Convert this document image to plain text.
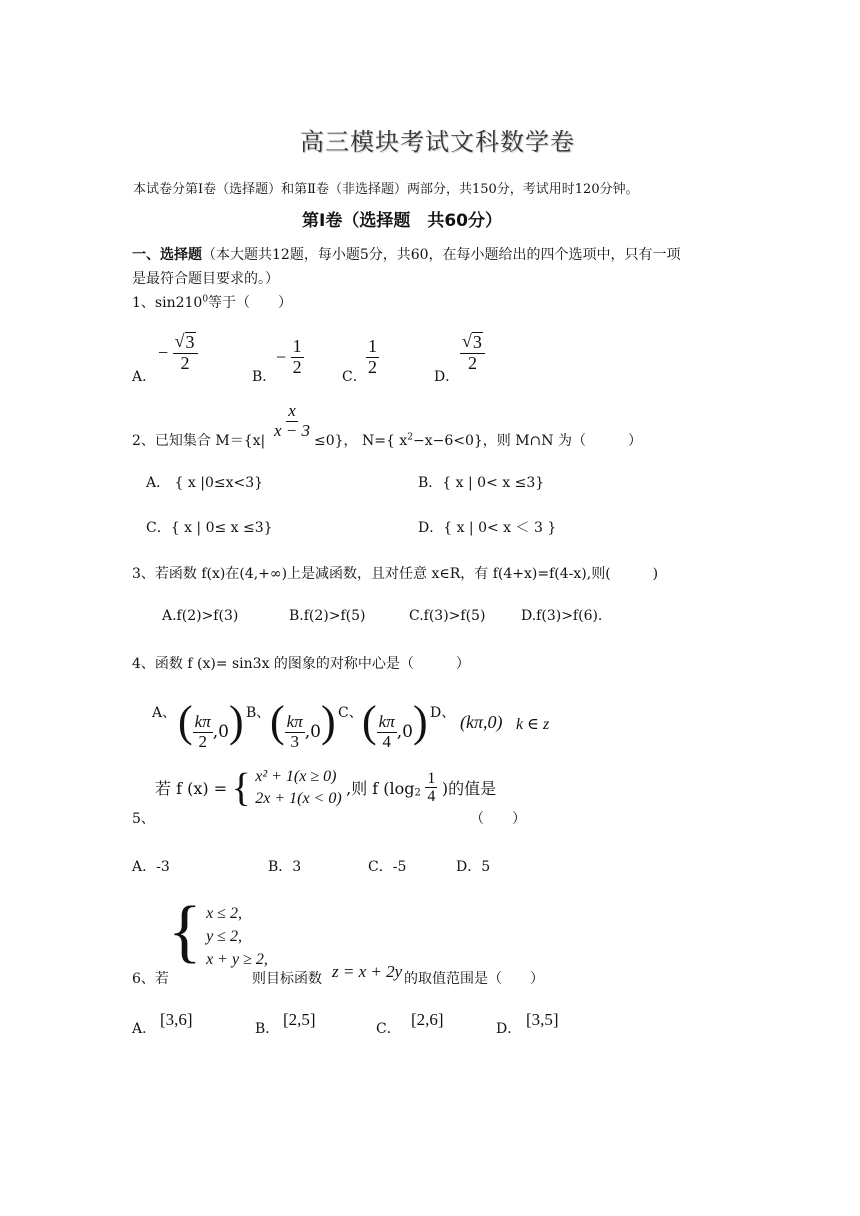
高三模块考试文科数学卷
本试卷分第Ⅰ卷（选择题）和第Ⅱ卷（非选择题）两部分，共150分，考试用时120分钟。
第Ⅰ卷（选择题　共60分）
一、选择题（本大题共12题，每小题5分，共60，在每小题给出的四个选项中，只有一项
是最符合题目要求的。）
1、$\sin 210^0$等于（　　）
A．
− $\frac{√ 3}{2}$
B．
− $\frac{1}{2}$	C． $\frac{1}{2}$	D．
$\frac{√ 3}{2}$
2、已知集合 M＝{x|
$\frac{x}{x - 3}$
≤0}， N={ $x^2-x-6<0$}，则 M∩N 为（　　　）
A． { x |0≤x<3}	B．{ x | 0< x ≤3}
C．{ x | 0≤ x ≤3}	D．{ x | 0< x ＜ 3 }
3、若函数 f(x)在(4,+∞)上是减函数，且对任意 x∈R，有 f(4+x)=f(4-x),则(　　　)
A.f(2)>f(3)	B.f(2)>f(5)	C.f(3)>f(5)	D.f(3)>f(6).
4、函数 f (x)= sin3x 的图象的对称中心是（　　　）
A、 ( $\frac{k\pi}{2} ,0$) B、 ( $\frac{k\pi}{3} ,0$) C、 ( $\frac{k\pi}{4} ,0$) D、 (kπ,0) k ∈ z
若 f (x) = { x² + 1(x ≥ 0)
2x + 1(x < 0) ,则 f ($\log_2 \frac{1}{4}$ )的值是
5、	（　　）
A．-3	B．3	C．-5	D．5
{ x ≤ 2,
y ≤ 2,
x + y ≥ 2,
6、若	则目标函数 z = x + 2y 的取值范围是（　　）
A． [3,6]	B． [2,5]	C． [2,6]	D． [3,5]
